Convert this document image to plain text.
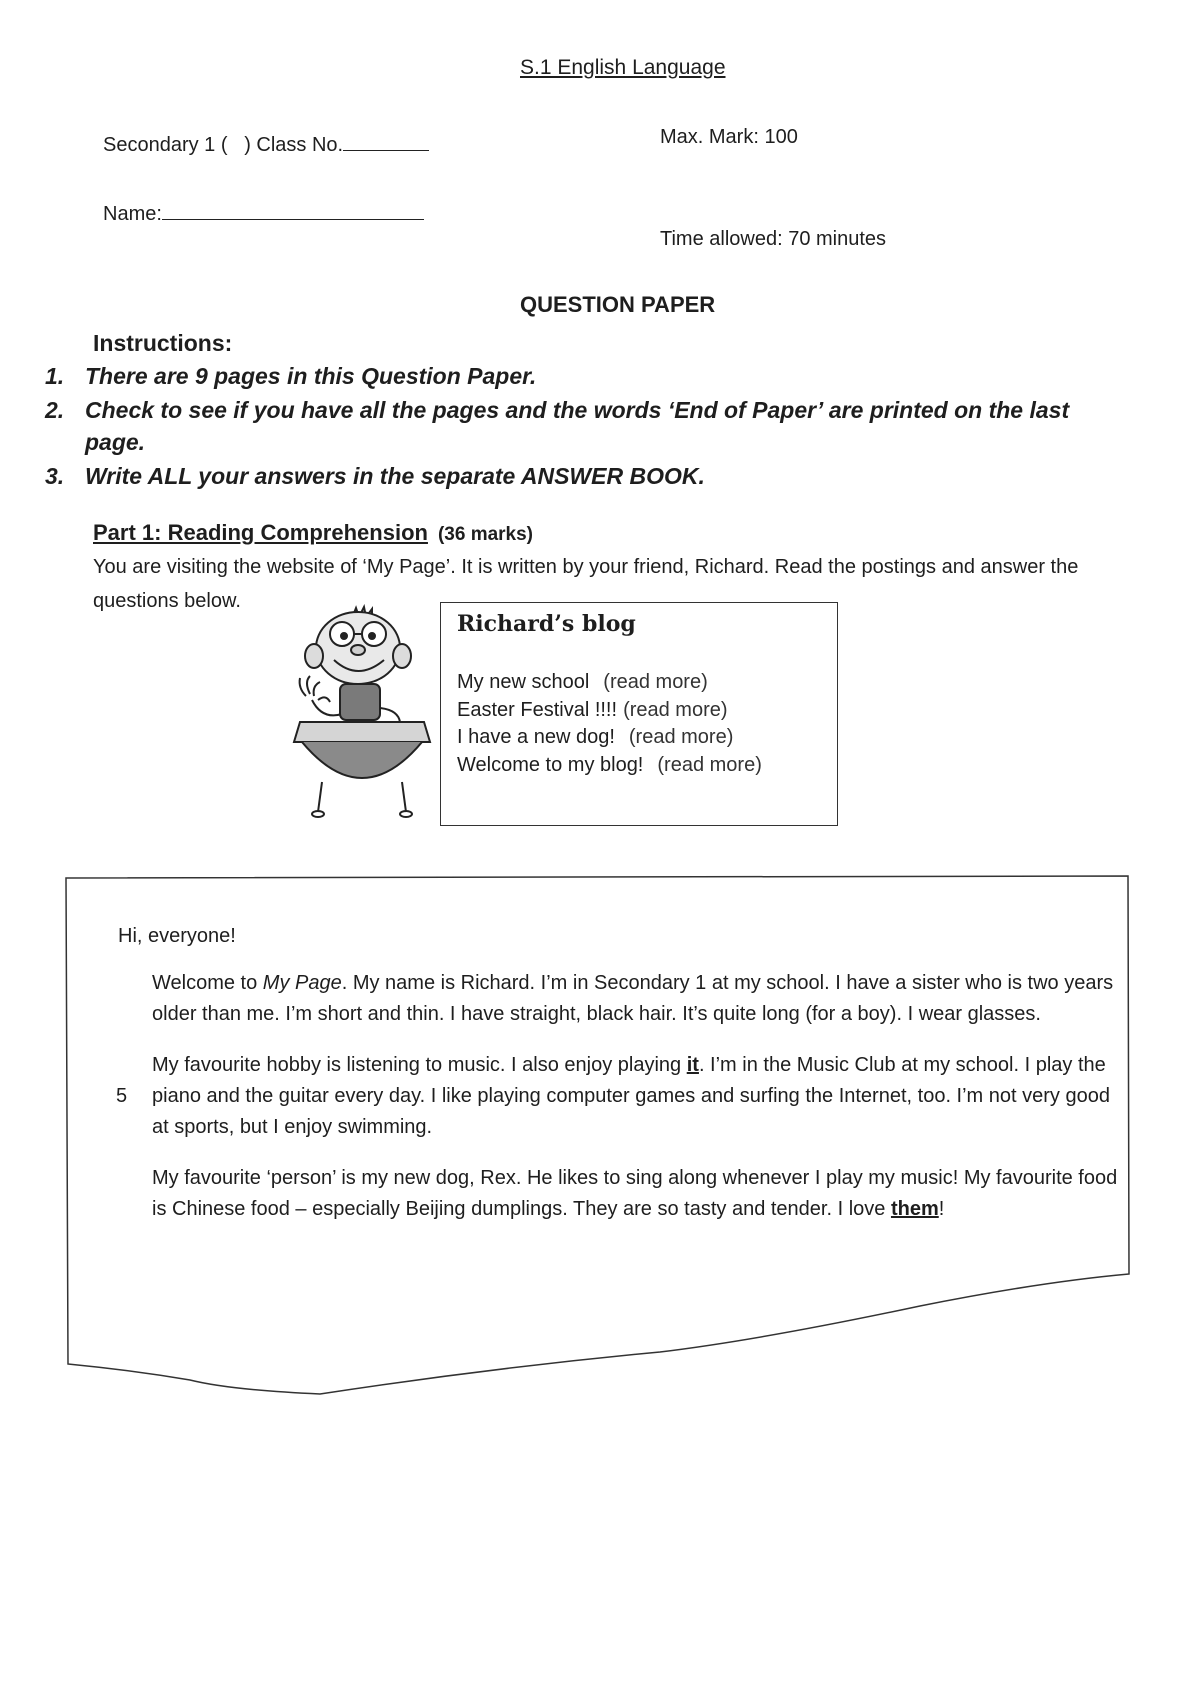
S.1 English Language
Secondary 1 ( ) Class No.	Max. Mark: 100
Name:
Time allowed: 70 minutes
QUESTION PAPER
Instructions:
1. There are 9 pages in this Question Paper.
2. Check to see if you have all the pages and the words ‘End of Paper’ are printed on the last page.
3. Write ALL your answers in the separate ANSWER BOOK.
Part 1: Reading Comprehension (36 marks)
You are visiting the website of ‘My Page’. It is written by your friend, Richard. Read the postings and answer the questions below.
Richard’s blog
My new school (read more)
Easter Festival !!!! (read more)
I have a new dog! (read more)
Welcome to my blog! (read more)

Hi, everyone!

Welcome to My Page. My name is Richard. I’m in Secondary 1 at my school. I have a sister who is two years older than me. I’m short and thin. I have straight, black hair. It’s quite long (for a boy). I wear glasses.

5
My favourite hobby is listening to music. I also enjoy playing it. I’m in the Music Club at my school. I play the piano and the guitar every day. I like playing computer games and surfing the Internet, too. I’m not very good at sports, but I enjoy swimming.

My favourite ‘person’ is my new dog, Rex. He likes to sing along whenever I play my music! My favourite food is Chinese food – especially Beijing dumplings. They are so tasty and tender. I love them!
